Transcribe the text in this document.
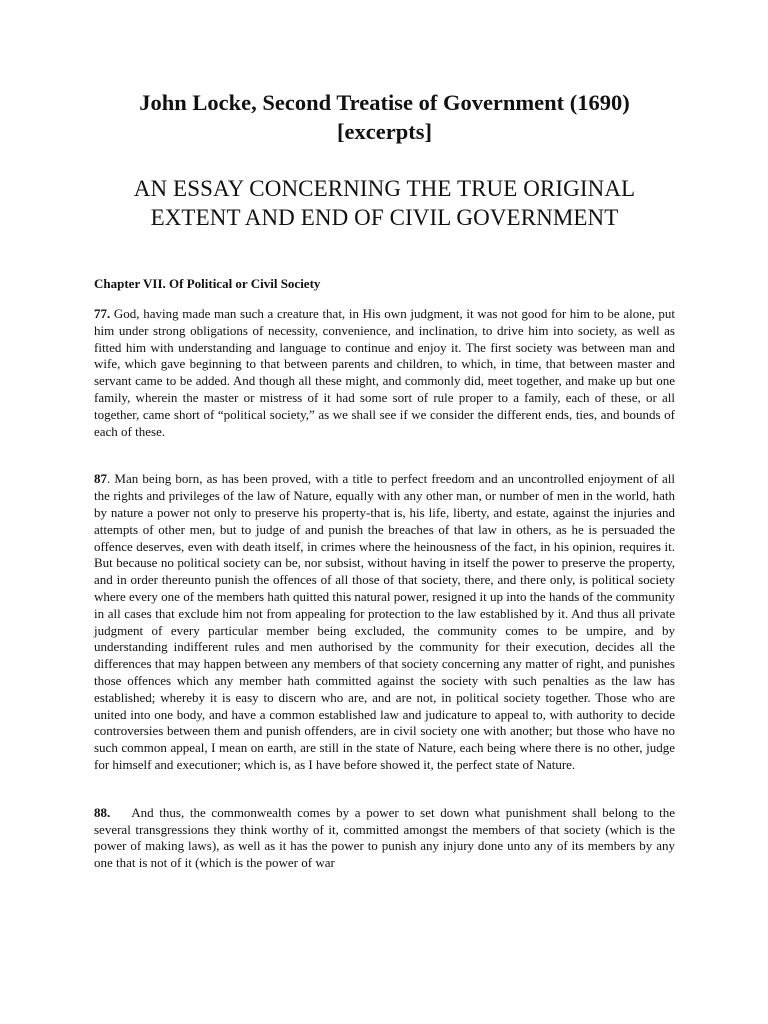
John Locke, Second Treatise of Government (1690) [excerpts]
AN ESSAY CONCERNING THE TRUE ORIGINAL EXTENT AND END OF CIVIL GOVERNMENT
Chapter VII. Of Political or Civil Society

77. God, having made man such a creature that, in His own judgment, it was not good for him to be alone, put him under strong obligations of necessity, convenience, and inclination, to drive him into society, as well as fitted him with understanding and language to continue and enjoy it. The first society was between man and wife, which gave beginning to that between parents and children, to which, in time, that between master and servant came to be added. And though all these might, and commonly did, meet together, and make up but one family, wherein the master or mistress of it had some sort of rule proper to a family, each of these, or all together, came short of “political society,” as we shall see if we consider the different ends, ties, and bounds of each of these.

87. Man being born, as has been proved, with a title to perfect freedom and an uncontrolled enjoyment of all the rights and privileges of the law of Nature, equally with any other man, or number of men in the world, hath by nature a power not only to preserve his property-that is, his life, liberty, and estate, against the injuries and attempts of other men, but to judge of and punish the breaches of that law in others, as he is persuaded the offence deserves, even with death itself, in crimes where the heinousness of the fact, in his opinion, requires it. But because no political society can be, nor subsist, without having in itself the power to preserve the property, and in order thereunto punish the offences of all those of that society, there, and there only, is political society where every one of the members hath quitted this natural power, resigned it up into the hands of the community in all cases that exclude him not from appealing for protection to the law established by it. And thus all private judgment of every particular member being excluded, the community comes to be umpire, and by understanding indifferent rules and men authorised by the community for their execution, decides all the differences that may happen between any members of that society concerning any matter of right, and punishes those offences which any member hath committed against the society with such penalties as the law has established; whereby it is easy to discern who are, and are not, in political society together. Those who are united into one body, and have a common established law and judicature to appeal to, with authority to decide controversies between them and punish offenders, are in civil society one with another; but those who have no such common appeal, I mean on earth, are still in the state of Nature, each being where there is no other, judge for himself and executioner; which is, as I have before showed it, the perfect state of Nature.

88. And thus, the commonwealth comes by a power to set down what punishment shall belong to the several transgressions they think worthy of it, committed amongst the members of that society (which is the power of making laws), as well as it has the power to punish any injury done unto any of its members by any one that is not of it (which is the power of war
